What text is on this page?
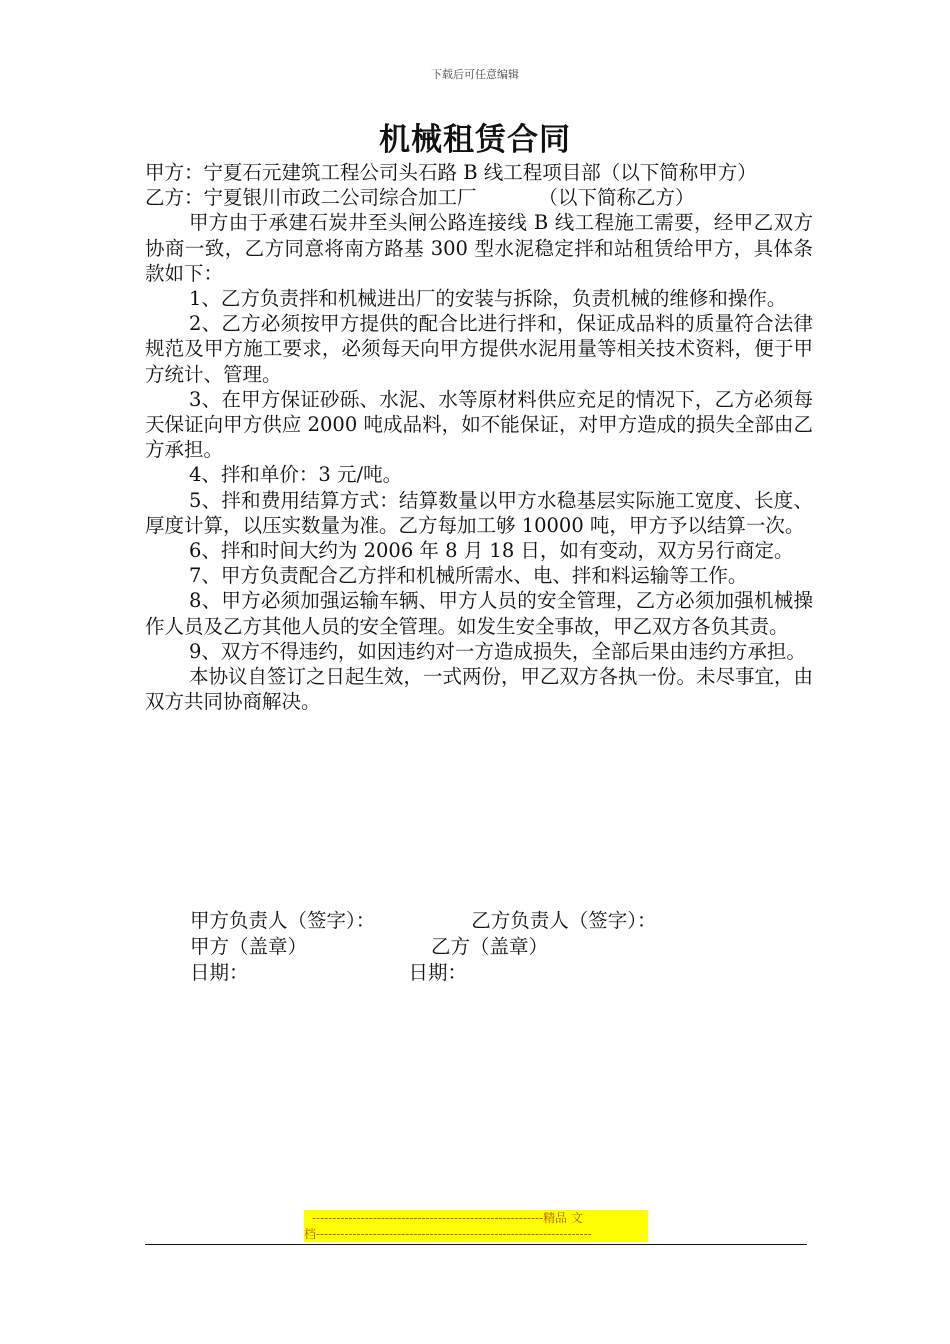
下载后可任意编辑
机械租赁合同

甲方：宁夏石元建筑工程公司头石路 B 线工程项目部（以下简称甲方）

乙方：宁夏银川市政二公司综合加工厂	（以下简称乙方）

甲方由于承建石炭井至头闸公路连接线 B 线工程施工需要，经甲乙双方协商一致，乙方同意将南方路基 300 型水泥稳定拌和站租赁给甲方，具体条款如下：

1、乙方负责拌和机械进出厂的安装与拆除，负责机械的维修和操作。

2、乙方必须按甲方提供的配合比进行拌和，保证成品料的质量符合法律规范及甲方施工要求，必须每天向甲方提供水泥用量等相关技术资料，便于甲方统计、管理。

3、在甲方保证砂砾、水泥、水等原材料供应充足的情况下，乙方必须每天保证向甲方供应 2000 吨成品料，如不能保证，对甲方造成的损失全部由乙方承担。

4、拌和单价：3 元/吨。

5、拌和费用结算方式：结算数量以甲方水稳基层实际施工宽度、长度、厚度计算，以压实数量为准。乙方每加工够 10000 吨，甲方予以结算一次。

6、拌和时间大约为 2006 年 8 月 18 日，如有变动，双方另行商定。

7、甲方负责配合乙方拌和机械所需水、电、拌和料运输等工作。

8、甲方必须加强运输车辆、甲方人员的安全管理，乙方必须加强机械操作人员及乙方其他人员的安全管理。如发生安全事故，甲乙双方各负其责。

9、双方不得违约，如因违约对一方造成损失，全部后果由违约方承担。

本协议自签订之日起生效，一式两份，甲乙双方各执一份。未尽事宜，由双方共同协商解决。

甲方负责人（签字）：	乙方负责人（签字）：
甲方（盖章）	乙方（盖章）
日期：	日期：
---------------------------------------------------------精品 文
档--------------------------------------------------------------------
